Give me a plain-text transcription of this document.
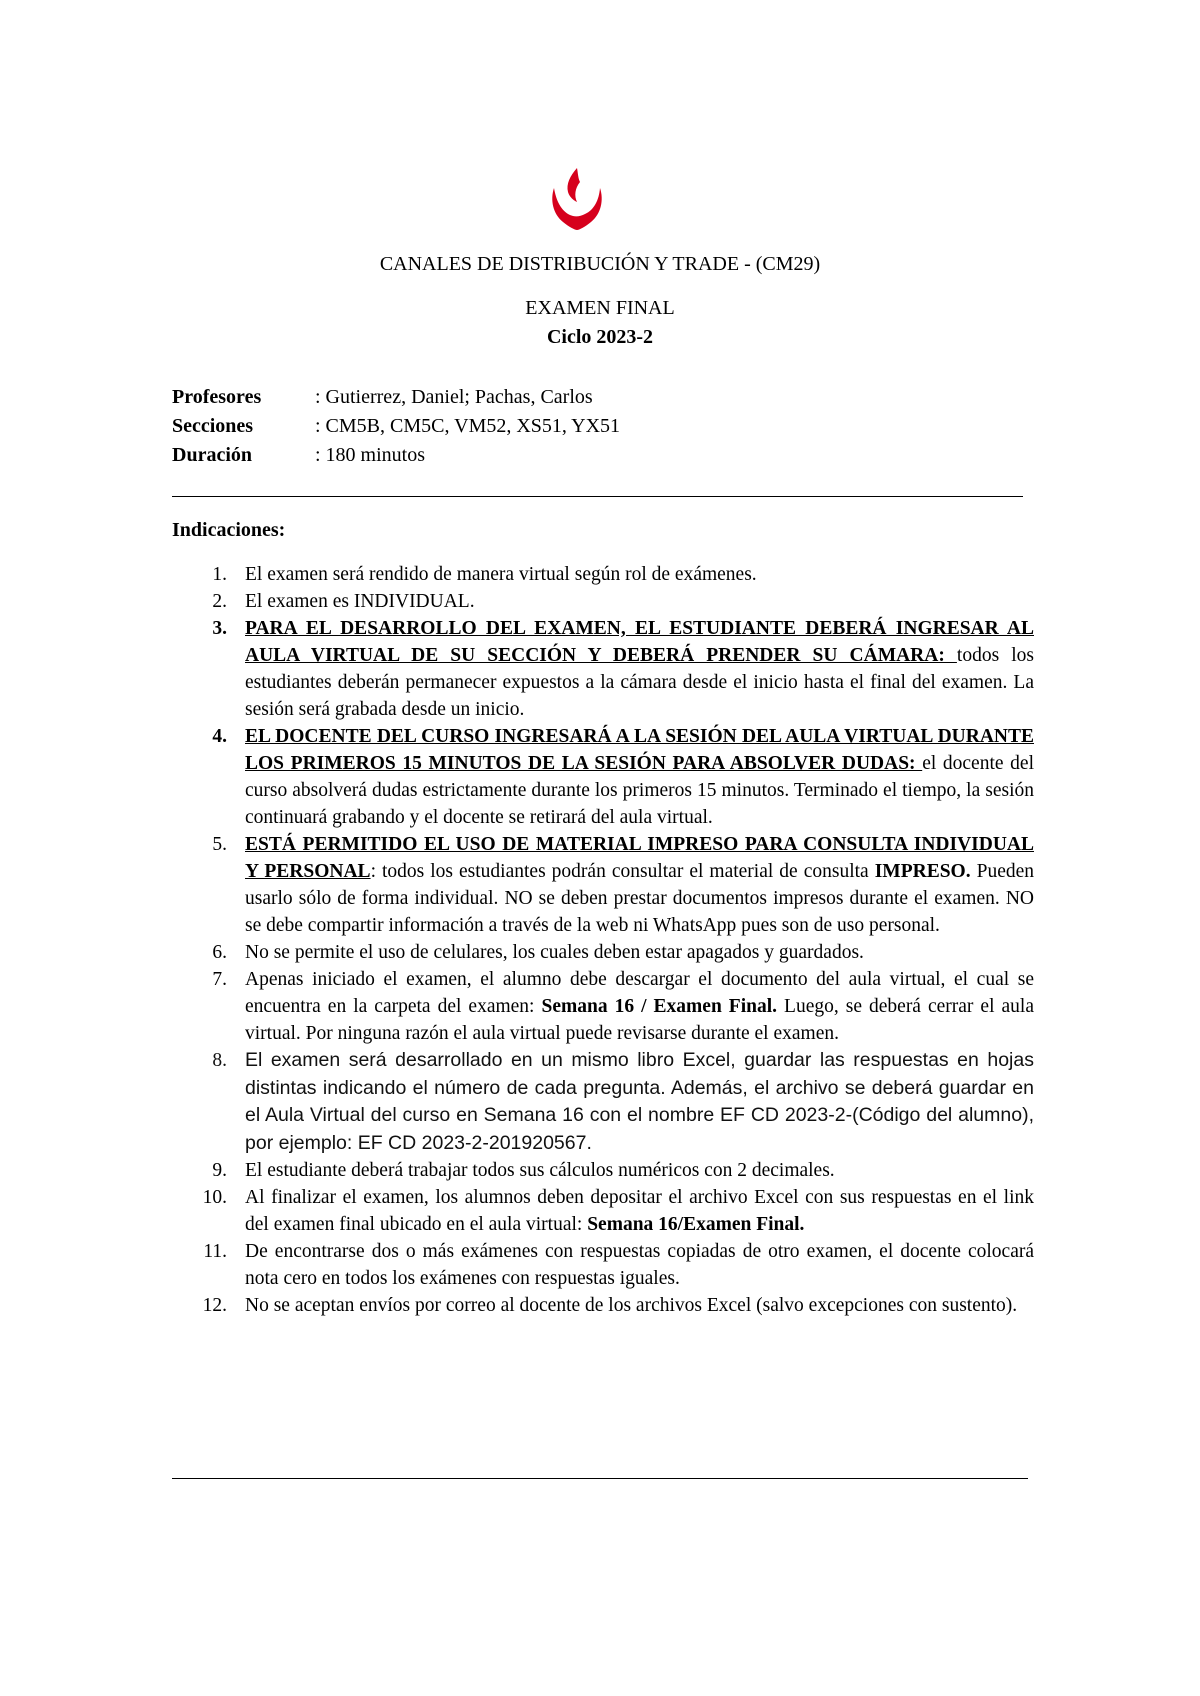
CANALES DE DISTRIBUCIÓN Y TRADE - (CM29)
EXAMEN FINAL
Ciclo 2023-2
Profesores	: Gutierrez, Daniel; Pachas, Carlos
Secciones	: CM5B, CM5C, VM52, XS51, YX51
Duración	: 180 minutos
Indicaciones:
1. El examen será rendido de manera virtual según rol de exámenes.
2. El examen es INDIVIDUAL.
3. PARA EL DESARROLLO DEL EXAMEN, EL ESTUDIANTE DEBERÁ INGRESAR AL AULA VIRTUAL DE SU SECCIÓN Y DEBERÁ PRENDER SU CÁMARA: todos los estudiantes deberán permanecer expuestos a la cámara desde el inicio hasta el final del examen. La sesión será grabada desde un inicio.
4. EL DOCENTE DEL CURSO INGRESARÁ A LA SESIÓN DEL AULA VIRTUAL DURANTE LOS PRIMEROS 15 MINUTOS DE LA SESIÓN PARA ABSOLVER DUDAS: el docente del curso absolverá dudas estrictamente durante los primeros 15 minutos. Terminado el tiempo, la sesión continuará grabando y el docente se retirará del aula virtual.
5. ESTÁ PERMITIDO EL USO DE MATERIAL IMPRESO PARA CONSULTA INDIVIDUAL Y PERSONAL: todos los estudiantes podrán consultar el material de consulta IMPRESO. Pueden usarlo sólo de forma individual. NO se deben prestar documentos impresos durante el examen. NO se debe compartir información a través de la web ni WhatsApp pues son de uso personal.
6. No se permite el uso de celulares, los cuales deben estar apagados y guardados.
7. Apenas iniciado el examen, el alumno debe descargar el documento del aula virtual, el cual se encuentra en la carpeta del examen: Semana 16 / Examen Final. Luego, se deberá cerrar el aula virtual. Por ninguna razón el aula virtual puede revisarse durante el examen.
8. El examen será desarrollado en un mismo libro Excel, guardar las respuestas en hojas distintas indicando el número de cada pregunta. Además, el archivo se deberá guardar en el Aula Virtual del curso en Semana 16 con el nombre EF CD 2023-2-(Código del alumno), por ejemplo: EF CD 2023-2-201920567.
9. El estudiante deberá trabajar todos sus cálculos numéricos con 2 decimales.
10. Al finalizar el examen, los alumnos deben depositar el archivo Excel con sus respuestas en el link del examen final ubicado en el aula virtual: Semana 16/Examen Final.
11. De encontrarse dos o más exámenes con respuestas copiadas de otro examen, el docente colocará nota cero en todos los exámenes con respuestas iguales.
12. No se aceptan envíos por correo al docente de los archivos Excel (salvo excepciones con sustento).
